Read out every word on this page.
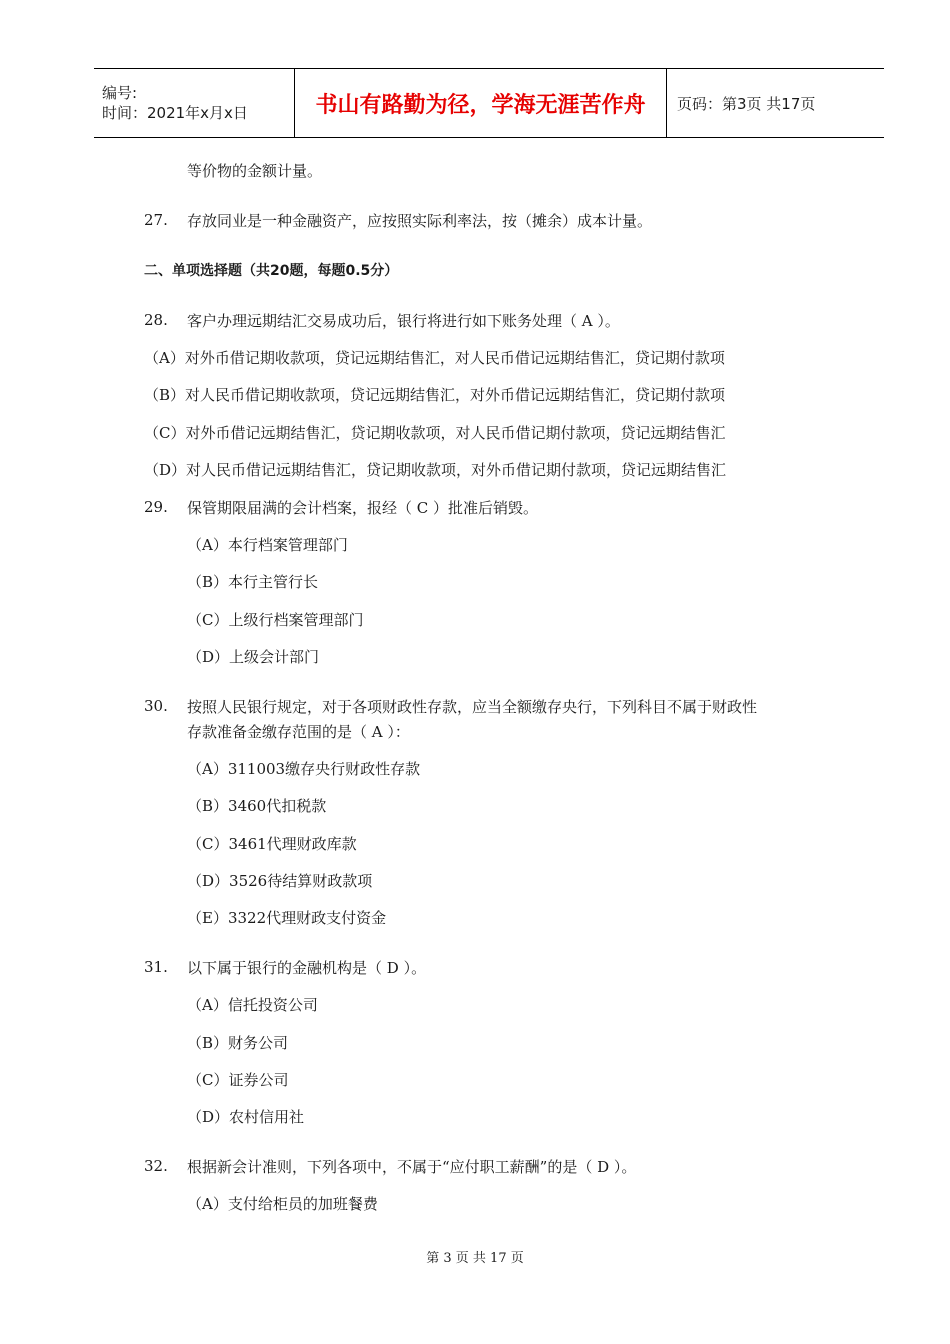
编号:
时间：2021年x月x日	书山有路勤为径，学海无涯苦作舟	页码：第3页 共17页
等价物的金额计量。
27. 存放同业是一种金融资产，应按照实际利率法，按（摊余）成本计量。
二、单项选择题（共20题，每题0.5分）
28. 客户办理远期结汇交易成功后，银行将进行如下账务处理（ A ）。
（A）对外币借记期收款项，贷记远期结售汇，对人民币借记远期结售汇，贷记期付款项
（B）对人民币借记期收款项，贷记远期结售汇，对外币借记远期结售汇，贷记期付款项
（C）对外币借记远期结售汇，贷记期收款项，对人民币借记期付款项，贷记远期结售汇
（D）对人民币借记远期结售汇，贷记期收款项，对外币借记期付款项，贷记远期结售汇
29. 保管期限届满的会计档案，报经（ C ）批准后销毁。
（A）本行档案管理部门
（B）本行主管行长
（C）上级行档案管理部门
（D）上级会计部门
30. 按照人民银行规定，对于各项财政性存款，应当全额缴存央行，下列科目不属于财政性
存款准备金缴存范围的是（ A ）：
（A）311003缴存央行财政性存款
（B）3460代扣税款
（C）3461代理财政库款
（D）3526待结算财政款项
（E）3322代理财政支付资金
31. 以下属于银行的金融机构是（ D ）。
（A）信托投资公司
（B）财务公司
（C）证券公司
（D）农村信用社
32. 根据新会计准则，下列各项中，不属于“应付职工薪酬”的是（ D ）。
（A）支付给柜员的加班餐费
第 3 页 共 17 页
